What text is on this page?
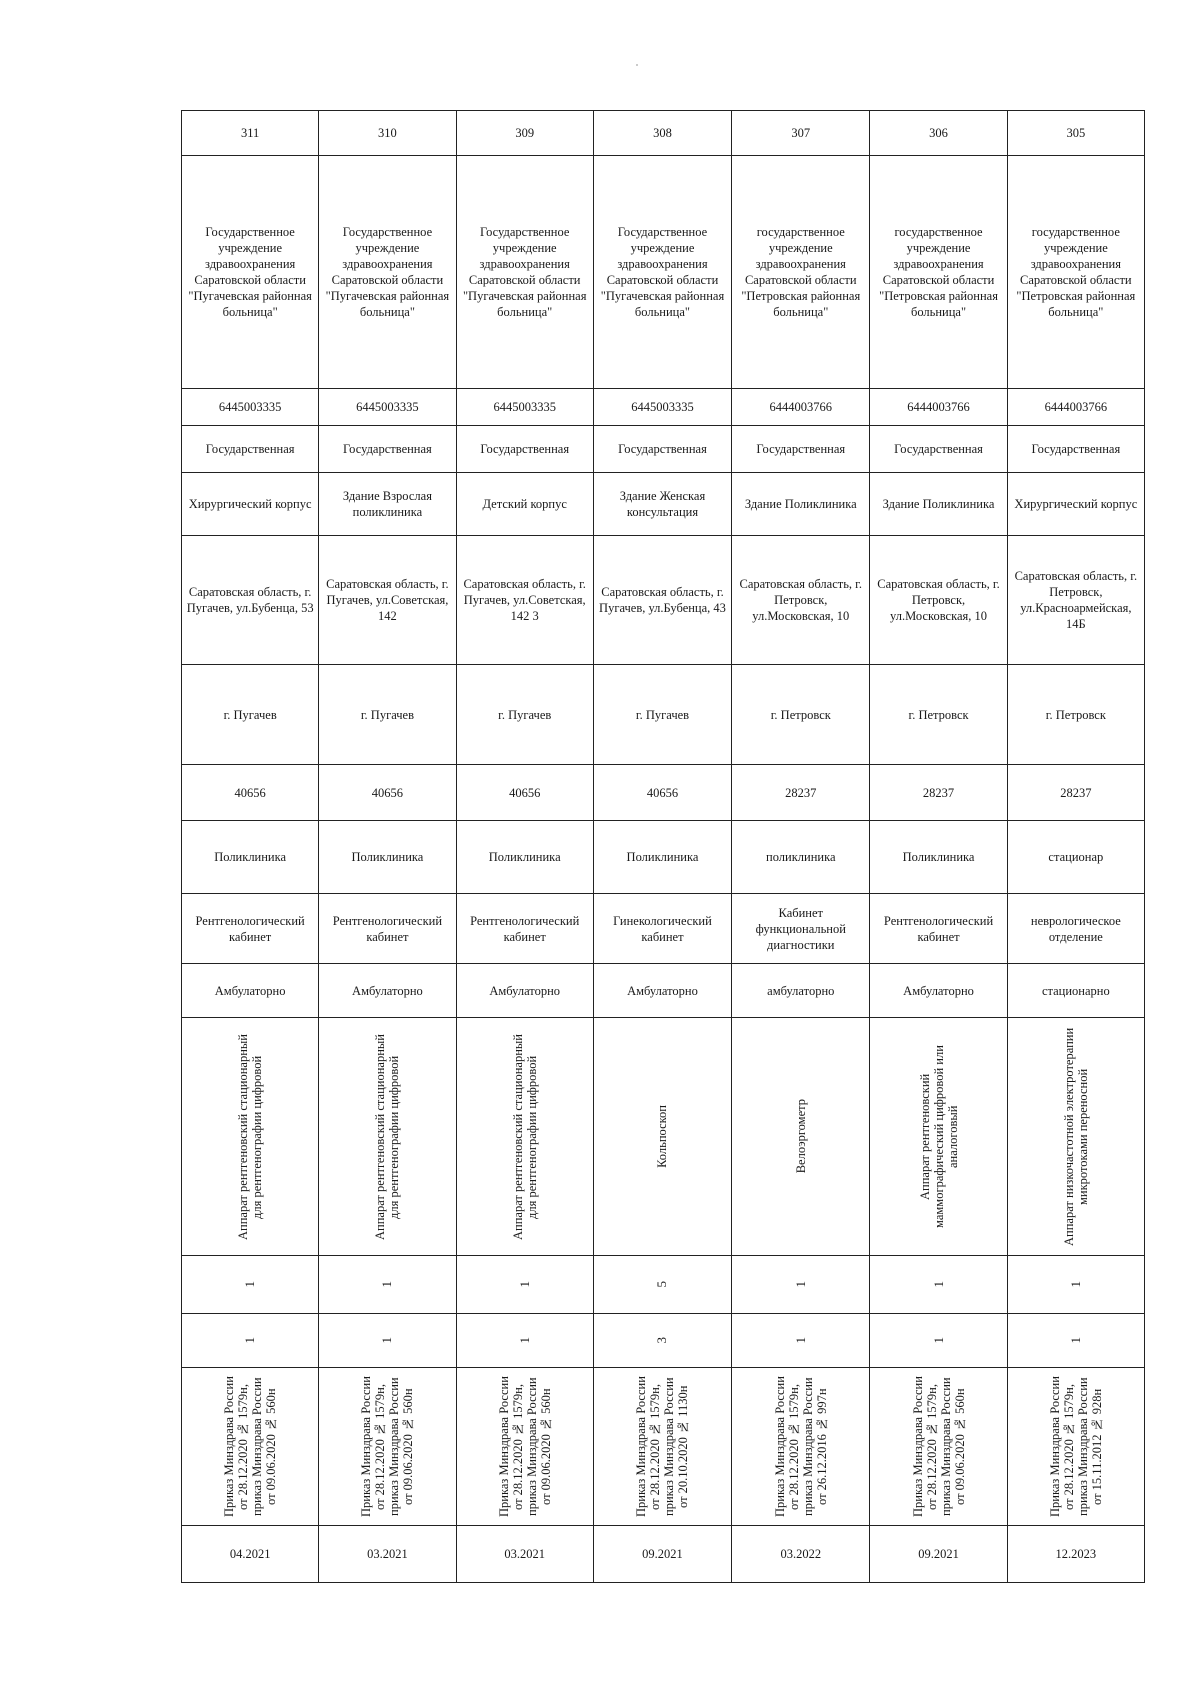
311	310	309	308	307	306	305
Государственное учреждение здравоохранения Саратовской области "Пугачевская районная больница"	Государственное учреждение здравоохранения Саратовской области "Пугачевская районная больница"	Государственное учреждение здравоохранения Саратовской области "Пугачевская районная больница"	Государственное учреждение здравоохранения Саратовской области "Пугачевская районная больница"	государственное учреждение здравоохранения Саратовской области "Петровская районная больница"	государственное учреждение здравоохранения Саратовской области "Петровская районная больница"	государственное учреждение здравоохранения Саратовской области "Петровская районная больница"
6445003335	6445003335	6445003335	6445003335	6444003766	6444003766	6444003766
Государственная	Государственная	Государственная	Государственная	Государственная	Государственная	Государственная
Хирургический корпус	Здание Взрослая поликлиника	Детский корпус	Здание Женская консультация	Здание Поликлиника	Здание Поликлиника	Хирургический корпус
Саратовская область, г. Пугачев, ул.Бубенца, 53	Саратовская область, г. Пугачев, ул.Советская, 142	Саратовская область, г. Пугачев, ул.Советская, 142 3	Саратовская область, г. Пугачев, ул.Бубенца, 43	Саратовская область, г. Петровск, ул.Московская, 10	Саратовская область, г. Петровск, ул.Московская, 10	Саратовская область, г. Петровск, ул.Красноармейская, 14Б
г. Пугачев	г. Пугачев	г. Пугачев	г. Пугачев	г. Петровск	г. Петровск	г. Петровск
40656	40656	40656	40656	28237	28237	28237
Поликлиника	Поликлиника	Поликлиника	Поликлиника	поликлиника	Поликлиника	стационар
Рентгенологический кабинет	Рентгенологический кабинет	Рентгенологический кабинет	Гинекологический кабинет	Кабинет функциональной диагностики	Рентгенологический кабинет	неврологическое отделение
Амбулаторно	Амбулаторно	Амбулаторно	Амбулаторно	амбулаторно	Амбулаторно	стационарно

Аппарат рентгеновский стационарный для рентгенографии цифровой	Аппарат рентгеновский стационарный для рентгенографии цифровой	Аппарат рентгеновский стационарный для рентгенографии цифровой	Кольпоскоп	Велоэргометр	Аппарат рентгеновский маммографический цифровой или аналоговый	Аппарат низкочастотной электротерапии микротоками переносной

1	1	1	5	1	1	1

1	1	1	3	1	1	1

Приказ Минздрава России от 28.12.2020 № 1579н, приказ Минздрава России от 09.06.2020 № 560н	Приказ Минздрава России от 28.12.2020 № 1579н, приказ Минздрава России от 09.06.2020 № 560н	Приказ Минздрава России от 28.12.2020 № 1579н, приказ Минздрава России от 09.06.2020 № 560н	Приказ Минздрава России от 28.12.2020 № 1579н, приказ Минздрава России от 20.10.2020 № 1130н	Приказ Минздрава России от 28.12.2020 № 1579н, приказ Минздрава России от 26.12.2016 № 997н	Приказ Минздрава России от 28.12.2020 № 1579н, приказ Минздрава России от 09.06.2020 № 560н	Приказ Минздрава России от 28.12.2020 № 1579н, приказ Минздрава России от 15.11.2012 № 928н

04.2021	03.2021	03.2021	09.2021	03.2022	09.2021	12.2023
